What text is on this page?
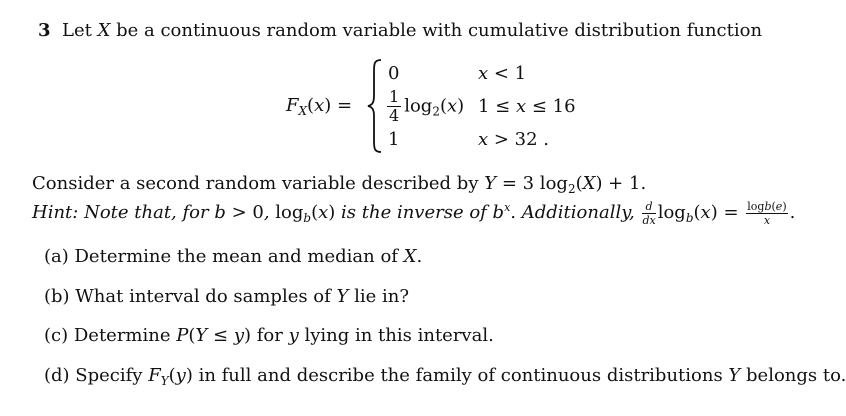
3  Let X be a continuous random variable with cumulative distribution function
$F_X(x)$ =
0	x < 1
$\frac{1}{4} \log_2(x) 1 \le x \le 16$
1	x > 32 .
Consider a second random variable described by Y = 3 $\log_2(X) + 1$.
Hint: Note that, for b > 0, $\log_b(x)$ is the inverse of $b^x$. Additionally, $\frac{d}{dx} \log_b(x) = \frac{\log b(e)}{x}$ .
(a) Determine the mean and median of X.
(b) What interval do samples of Y lie in?
(c) Determine P(Y ≤ y) for y lying in this interval.
(d) Specify $F_Y(y)$ in full and describe the family of continuous distributions Y belongs to.
